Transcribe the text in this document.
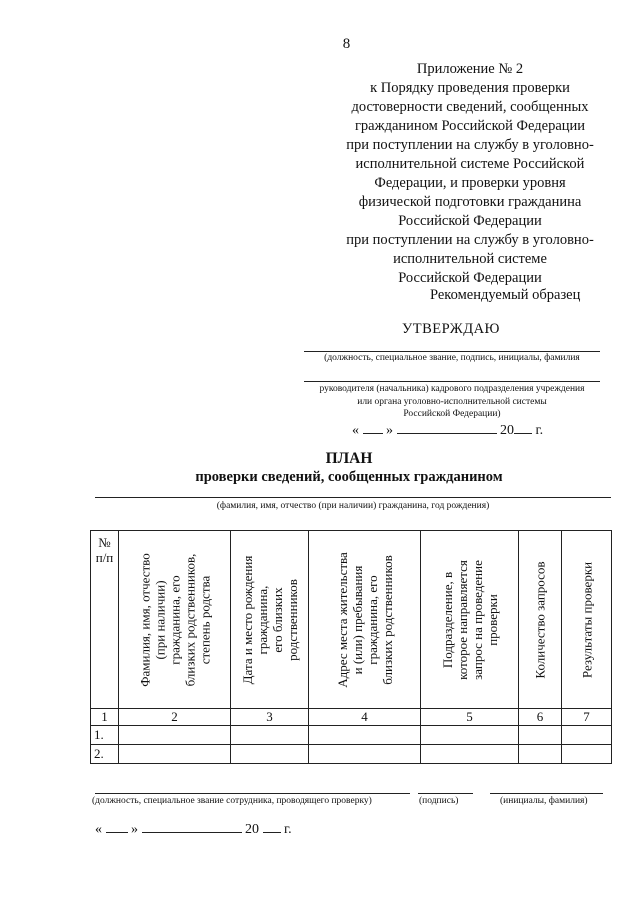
8
Приложение № 2
к Порядку проведения проверки
достоверности сведений, сообщенных
гражданином Российской Федерации
при поступлении на службу в уголовно-
исполнительной системе Российской
Федерации, и проверки уровня
физической подготовки гражданина
Российской Федерации
при поступлении на службу в уголовно-
исполнительной системе
Российской Федерации
Рекомендуемый образец
УТВЕРЖДАЮ
(должность, специальное звание, подпись, инициалы, фамилия
руководителя (начальника) кадрового подразделения учреждения
или органа уголовно-исполнительной системы
Российской Федерации)
« »	20 г.
ПЛАН
проверки сведений, сообщенных гражданином
(фамилия, имя, отчество (при наличии) гражданина, год рождения)
№
п/п	Фамилия, имя, отчество
(при наличии)
гражданина, его
близких родственников,
степень родства	Дата и место рождения
гражданина,
его близких
родственников	Адрес места жительства
и (или) пребывания
гражданина, его
близких родственников	Подразделение, в
которое направляется
запрос на проведение
проверки	Количество запросов	Результаты проверки

1	2	3	4	5	6	7
1.						
2.						
(должность, специальное звание сотрудника, проводящего проверку)	(подпись)	(инициалы, фамилия)
« »	20 г.
